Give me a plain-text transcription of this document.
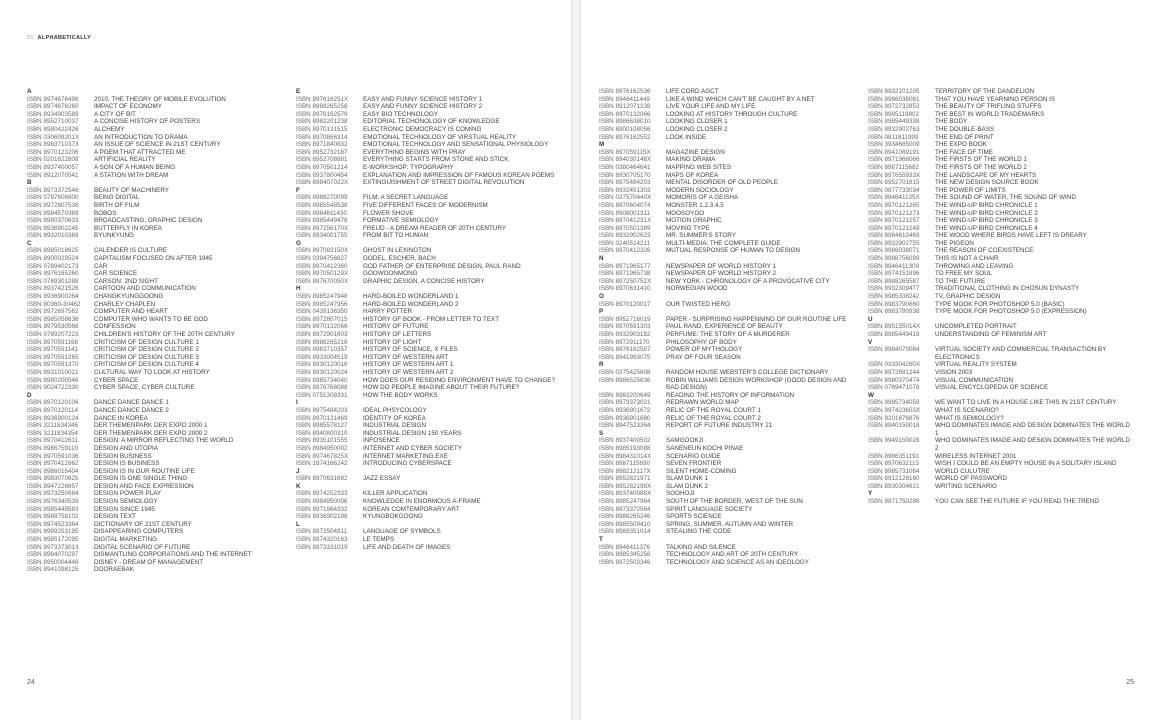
01 ALPHABETICALLY
A
ISBN 8974676496	2010, THE THEORY OF MOBILE EVOLUTION
ISBN 8974676260	IMPACT OF ECONOMY
ISBN 8934903589	A CITY OF BIT
ISBN 8952710037	A CONCISE HISTORY OF POSTERS
ISBN 8980422426	ALCHEMY
ISBN 030608201X	AN INTRODUCTION TO DRAMA
ISBN 8983710373	AN ISSUE OF SCIENCE IN 21ST CENTURY
ISBN 8970123206	A POEM THAT ATTRACTED ME
ISBN 0201622808	ARTIFICIAL REALITY
ISBN 8937400057	A SON OF A HUMAN BEING
ISBN 8912070541	A STATION WITH DREAM
B
ISBN 8973372546	BEAUTY OF MACHINERY
ISBN 0787606800	BEING DIGITAL
ISBN 8972807538	BIRTH OF FILM
ISBN 8984570369	BOBOS
ISBN 8980370633	BROADCASTING, GRAPHIC DESIGN
ISBN 8936902245	BUTTERFLY IN KOREA
ISBN 8932010369	BYUNKYUNG
C
ISBN 8985018625	CALENDER IS CULTURE
ISBN 8900029524	CAPITALISM FOCUSED ON AFTER 1945
ISBN 0789402173	CAR
ISBN 8976165260	CAR SCIENCE
ISBN 0789301288	CARSON: 2ND SIGHT
ISBN 8937421526	CARTOON AND COMMUNICATION
ISBN 8936900264	CHANGKYUNGGOONG
ISBN 80360-30462	CHARLEY CHAPLEN
ISBN 8972697562	COMPUTER AND HEART
ISBN 8985058636	COMPUTER WHO WANTS TO BE GOD
ISBN 8979530566	CONFESSION
ISBN 0789207223	CHILDREN'S HISTORY OF THE 20TH CENTURY
ISBN 8970591168	CRITICISM OF DESIGN CULTURE 1
ISBN 8970591141	CRITICISM OF DESIGN CULTURE 2
ISBN 8970591265	CRITICISM OF DESIGN CULTURE 3
ISBN 8970591370	CRITICISM OF DESIGN CULTURE 4
ISBN 8931010021	CULTURAL WAY TO LOOK AT HISTORY
ISBN 8980200546	CYBER SPACE
ISBN 9024722330	CYBER SPACE, CYBER CULTURE
D
ISBN 8970120106	DANCE DANCE DANCE 1
ISBN 8970120114	DANCE DANCE DANCE 2
ISBN 8936900124	DANCE IN KOREA
ISBN 3211834346	DER THEMENPARK DER EXPO 2000 1
ISBN 3211834354	DER THEMENPARK DER EXPO 2000 2
ISBN 8970412611	DESIGN: A MIRROR REFLECTING THE WORLD
ISBN 8986759110	DESIGN AND UTOPIA
ISBN 8970591036	DESIGN BUSINESS
ISBN 8970412862	DESIGN IS BUSINESS
ISBN 8986016404	DESIGN IS IN OUR ROUTINE LIFE
ISBN 8983070625	DESIGN IS ONE SINGLE THING
ISBN 8947226657	DESIGN AND FACE EXPRESSION
ISBN 8973250684	DESIGN POWER PLAY
ISBN 8976340539	DESIGN SEMIOLOGY
ISBN 8985449583	DESIGN SINCE 1945
ISBN 8988758102	DESIGN TEXT
ISBN 8974523364	DICTIONARY OF 21ST CENTURY
ISBN 8989253195	DISAPPEARING COMPUTERS
ISBN 8985172095	DIGITAL MARKETING
ISBN 8973373013	DIGITAL SCENARIO OF FUTURE
ISBN 8984070297	DISMANTLING CORPORATIONS AND THE INTERNET
ISBN 8950004446	DISNEY - DREAM OF MANAGEMENT
ISBN 8941098125	DOORAEBAK
E
ISBN 897616251X	EASY AND FUNNY SCIENCE HISTORY 1
ISBN 8988265258	EASY AND FUNNY SCIENCE HISTORY 2
ISBN 8976162579	EASY BIO TECHNOLOGY
ISBN 8982201238	EDITORIAL TECHONOLOGY OF KNOWLEDGE
ISBN 8970131515	ELECTRONIC DEMOCRACY IS COMING
ISBN 8970866314	EMOTIONAL TECHNOLOGY OF VIRSTUAL REALITY
ISBN 8971840832	EMOTIONAL TECHNOLOGY AND SENSATIONAL PHYSIOLOGY
ISBN 8952732187	EVERYTHING BEGINS WITH PRAY
ISBN 8952708881	EVERYTHING STARTS FROM STONE AND STICK
ISBN 8970501214	E-WORKSHOP: TYPOGRAPHY
ISBN 8937800454	EXPLANATION AND IMPRESSION OF FAMOUS KOREAN POEMS
ISBN 898407022X	EXTINGUISHMENT OF STREET DIGITAL REVOLUTION
F
ISBN 8986270099	FILM: A SECRET LANGUAGE
ISBN 8985548538	FIVE DIFFERENT FACES OF MODERNISM
ISBN 8984611430	FLOWER SHOVE
ISBN 8985449478	FORMATIVE SEMIOLOGY
ISBN 897256170X	FREUD - A DREAM READER OF 20TH CENTURY
ISBN 8934001755	FROM BIT TO HUMAN
G
ISBN 897083150X	GHOST IN LEXINGTON
ISBN 0394756827	GODEL, ESCHER, BACH
ISBN 8970412360	GOD FATHER OF ENTERPRISE DESIGN, PAUL RAND
ISBN 897050129X	GOOWOONMONG
ISBN 897670050X	GRAPHIC DESIGN, A CONCISE HISTORY
H
ISBN 8985247948	HARD-BOILED WONDERLAND 1
ISBN 8985247956	HARD-BOILED WONDERLAND 2
ISBN 0439136350	HARRY POTTER
ISBN 8972807015	HISTORY OF BOOK - FROM LETTER TO TEXT
ISBN 8970132066	HISTORY OF FUTURE
ISBN 8972901603	HISTORY OF LETTERS
ISBN 8988265218	HISTORY OF LIGHT
ISBN 8983710357	HISTORY OF SCIENCE, X FILES
ISBN 8933004519	HISTORY OF WESTERN ART
ISBN 8930120016	HISTORY OF WESTERN ART 1
ISBN 8930120024	HISTORY OF WESTERN ART 2
ISBN 8985734040	HOW DOES OUR RESIDING ENVIRONMENT HAVE TO CHANGE?
ISBN 8976768088	HOW DO PEOPLE IMAGINE ABOUT THEIR FUTURE?
ISBN 0751308331	HOW THE BODY WORKS
I
ISBN 8975484203	IDEAL PHSYCOLOGY
ISBN 8970131469	IDENTITY OF KOREA
ISBN 8985578127	INDUSTRIAL DESIGN
ISBN 8940800310	INDUSTRIAL DESIGN 150 YEARS
ISBN 8935101555	INFOSENCE
ISBN 8984950002	INTERNET AND CYBER SOCIETY
ISBN 897467825X	INTERNET MARKETING.EXE
ISBN 1874166242	INTRODUCING CYBERSPACE
J
ISBN 8970631682	JAZZ ESSAY
K
ISBN 8974252333	KILLER APPLICATION
ISBN 8984950006	KNOWLEDGE IN ENORMOUS A-FRAME
ISBN 8971964332	KOREAN COMTEMPORARY ART
ISBN 8936902198	KYUNGBOKGOONG
L
ISBN 8972504911	LANGUAGE OF SYMBOLS
ISBN 8974320163	LE TEMPS
ISBN 8973331019	LIFE AND DEATH OF IMAGES
24
ISBN 8976162536	LIFE CORD AGCT
ISBN 8946411449	LIKE A WIND WHICH CAN'T BE CAUGHT BY A NET
ISBN 8912071238	LIVE YOUR LIFE AND MY LIFE
ISBN 8970132066	LOOKING AT HISTORY THROUGH CULTURE
ISBN 8986638010	LOOKING CLOSER 1
ISBN 8900108056	LOOKING CLOSER 2
ISBN 8976162552	LOOK INSIDE
M
ISBN 897059115X	MAGAZINE DESIGN
ISBN 894030148X	MAKING DRAMA
ISBN 0380464641	MAPPING WEB SITES
ISBN 8930705170	MAPS OF KOREA
ISBN 8975484203	MENTAL DISORDER OF OLD PEOPLE
ISBN 8932451303	MODERN SOCIOLOGY
ISBN 037570440X	MOMORIS OF A GEISHA
ISBN 8970604074	MONSTER 1.2.3.4.5
ISBN 8908001311	MOOSOYOO
ISBN 897041231X	MOTION GRAPHIC
ISBN 8970501389	MOVING TYPE
ISBN 8932902623	MR. SUMMER'S STORY
ISBN 0240514211	MULTI-MEDIA: THE COMPLETE GUIDE
ISBN 8970412326	MUTUAL RESPONSE OF HUMAN TO DESIGN
N
ISBN 8971965177	NEWSPAPER OF WORLD HISTORY 1
ISBN 8971965738	NEWSPAPER OF WORLD HISTORY 2
ISBN 897250752X	NEW YORK - CHRONOLOGY OF A PROVOCATIVE CITY
ISBN 8970631410	NORWEGIAN WOOD
O
ISBN 8970120017	OUR TWISTED HERO
P
ISBN 8952716019	PAPER - SURPRISING HAPPENNING OF OUR ROUTINE LIFE
ISBN 8970591303	PAUL RAND, EXPERIENCE OF BEAUTY
ISBN 8932903182	PERFUME: THE STORY OF A MURDERER
ISBN 8972911170	PHILOSOPHY OF BODY
ISBN 8976162587	POWER OF MYTHOLOGY
ISBN 8941993075	PRAY OF FOUR SEASON
R
ISBN 0375425608	RANDOM HOUSE WEBSTER'S COLLEGE DICTIONARY
ISBN 8986525836	ROBIN WILLIAMS DESIGN WORKSHOP (GOOD DESIGN AND BAD DESIGN)
ISBN 8982200649	READING THE HISTORY OF INFORMATION
ISBN 8973373021	REDRAWN WORLD MAP
ISBN 8936901672	RELIC OF THE ROYAL COURT 1
ISBN 8936901680	RELIC OF THE ROYAL COURT 2
ISBN 8947523364	REPORT OF FUTURE INDUSTRY 21
S
ISBN 8937400502	SAMGOOKJI
ISBN 8985193088	SANENEUN KOCHI PINAE
ISBN 898431014X	SCENARIO GUIDE
ISBN 8987115690	SEVEN FRONTIER
ISBN 898212117X	SILENT HOME-COMING
ISBN 8952821971	SLAM DUNK 1
ISBN 895282198X	SLAM DUNK 2
ISBN 893740088X	SOOHOJI
ISBN 8985247964	SOUTH OF THE BORDER, WEST OF THE SUN
ISBN 8973372564	SPIRIT LANGUAGE SOCIETY
ISBN 8988265246	SPORTS SCIENCE
ISBN 8985509410	SPRING, SUMMER, AUTUMN AND WINTER
ISBN 8989351014	STEALING THE CODE
T
ISBN 8946411376	TALKING AND SILENCE
ISBN 8985345256	TECHNOLOGY AND ART OF 20TH CENTURY
ISBN 8972503346	TECHNOLOGY AND SCIENCE AS AN IDEOLOGY
ISBN 8932101205	TERRITORY OF THE DANDELION
ISBN 8986038061	THAT YOU HAVE YEARNING PERSON IS
ISBN 8972732853	THE BEAUTY OF TRIFLING STUFFS
ISBN 8985119802	THE BEST IN WORLD TRADEMARKS
ISBN 8985449338	THE BODY
ISBN 8932902763	THE DOUBLE-BASS
ISBN 0811811999	THE END OF PRINT
ISBN 3934685009	THE EXPO BOOK
ISBN 8941069191	THE FACE OF TIME
ISBN 8971966066	THE FIRSTS OF THE WORLD 1
ISBN 8987115682	THE FIRSTS OF THE WORLD 2
ISBN 897655933X	THE LANDSCAPE OF MY HEARTS
ISBN 8952701615	THE NEW DESIGN SOURCE BOOK
ISBN 0877733034	THE POWER OF LIMITS
ISBN 894641135X	THE SOUND OF WATER, THE SOUND OF WIND
ISBN 8970121265	THE WIND-UP BIRD CHRONICLE 1
ISBN 8970121273	THE WIND-UP BIRD CHRONICLE 2
ISBN 8970121257	THE WIND-UP BIRD CHRONICLE 3
ISBN 8970121249	THE WIND-UP BIRD CHRONICLE 4
ISBN 8984610469	THE WOOD WHERE BIRDS HAVE LEFT IS DREARY
ISBN 8932902755	THE PIGEON
ISBN 8986038071	THE REASON OF COEXISTENCE
ISBN 8988756099	THIS IS NOT A CHAIR
ISBN 8946411309	THROWING AND LEAVING
ISBN 8974151896	TO FREE MY SOUL
ISBN 8988265587	TO THE FUTURE
ISBN 8932309477	TRADITIONAL CLOTHING IN CHOSUN DYNASTY
ISBN 8985338242	TV, GRAPHIC DESIGN
ISBN 8983790660	TYPE MOOK FOR PHOTOSHOP 5.0 (BASIC)
ISBN 8983790938	TYPE MOOK FOR PHOTOSHOP 5.0 (EXPRESSION)
U
ISBN 895155014X	UNCOMPLETED PORTRAIT
ISBN 8985449419	UNDERSTANDING OF FEMINISM ART
V
ISBN 8984070084	VIRTUAL SOCIETY AND COMMERCIAL TRANSACTION BY ELECTRONICS
ISBN 033304260X	VIRTUAL REALITY SYSTEM
ISBN 8972881244	VISION 2003
ISBN 8980370474	VISUAL COMMUNICATION
ISBN 0789471078	VISUAL ENCYCLOPEDIA OF SCIENCE
W
ISBN 8985734059	WE WANT TO LIVE IN A HOUSE LIKE THIS IN 21ST CENTURY
ISBN 897423603X	WHAT IS SCENARIO?
ISBN 8201676876	WHAT IS SEMIOLOGY?
ISBN 8940150018	WHO DOMINATES IMAGE AND DESIGN DOMINATES THE WORLD 1
ISBN 8949150028	WHO DOMINATES IMAGE AND DESIGN DOMINATES THE WORLD 2
ISBN 8986351193	WIRELESS INTERNET 2001
ISBN 8970632115	WISH I COULD BE AN EMPTY HOUSE IN A SOLITARY ISLAND
ISBN 8985731084	WORLD CULUTRE
ISBN 8912128160	WORLD OF PASSWORD
ISBN 8930304621	WRITING SCENARIO
Y
ISBN 8971750286	YOU CAN SEE THE FUTURE IF YOU READ THE TREND
25
